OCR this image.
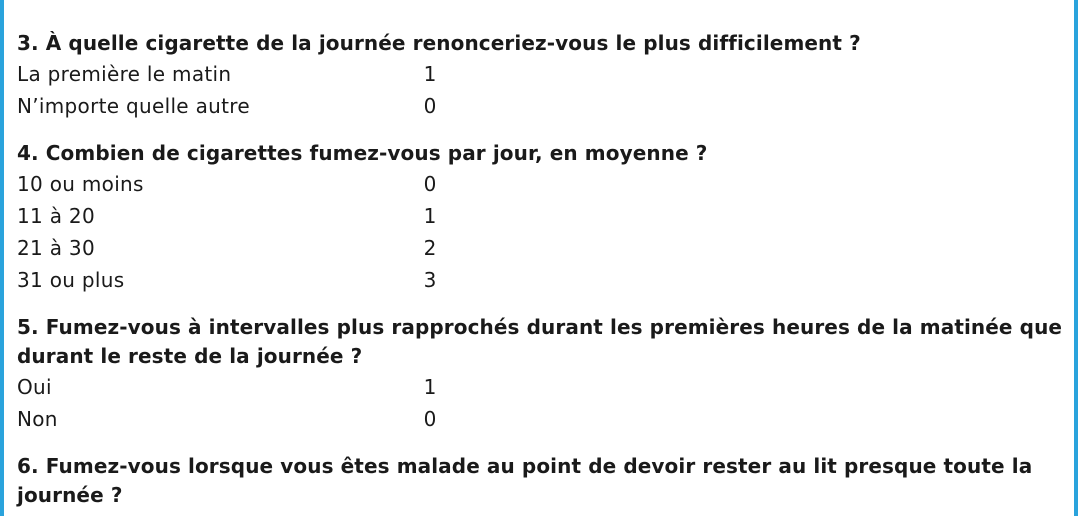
3. À quelle cigarette de la journée renonceriez-vous le plus difficilement ?
La première le matin	1
N’importe quelle autre	0
4. Combien de cigarettes fumez-vous par jour, en moyenne ?
10 ou moins	0
11 à 20	1
21 à 30	2
31 ou plus	3
5. Fumez-vous à intervalles plus rapprochés durant les premières heures de la matinée que durant le reste de la journée ?
Oui	1
Non	0
6. Fumez-vous lorsque vous êtes malade au point de devoir rester au lit presque toute la journée ?
